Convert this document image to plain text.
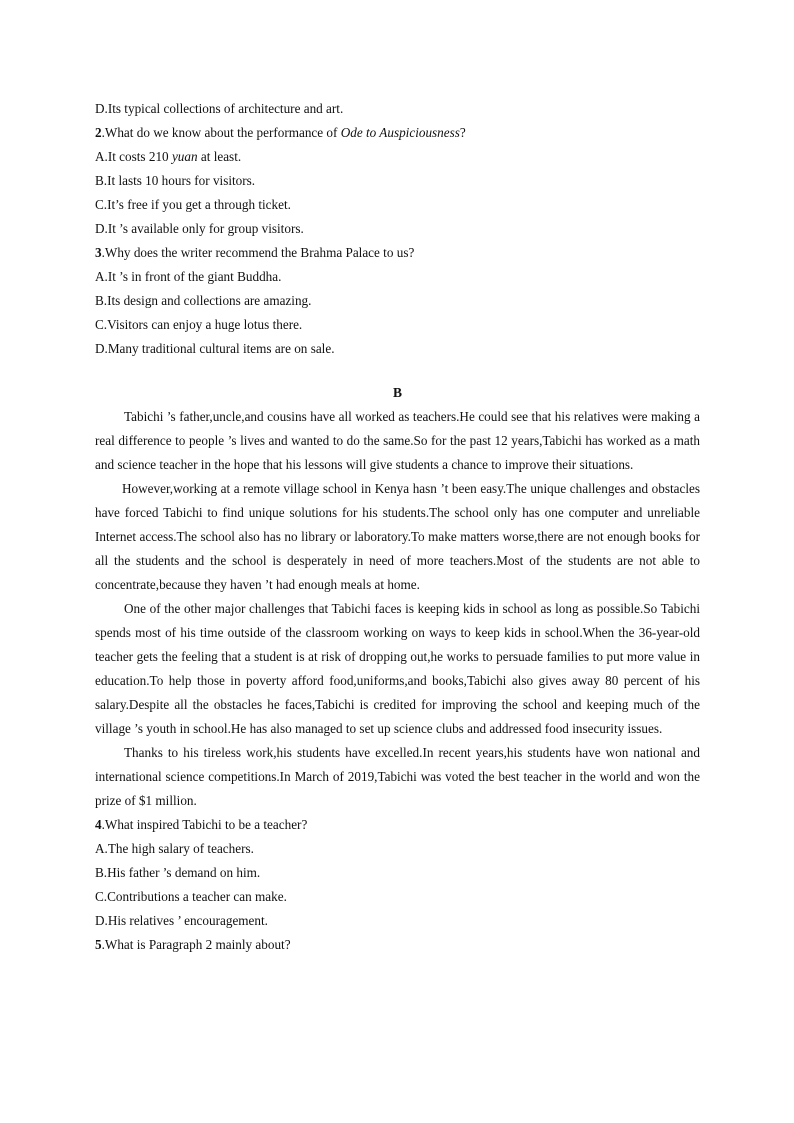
D.Its typical collections of architecture and art.
2.What do we know about the performance of Ode to Auspiciousness?
A.It costs 210 yuan at least.
B.It lasts 10 hours for visitors.
C.It’s free if you get a through ticket.
D.It ’s available only for group visitors.
3.Why does the writer recommend the Brahma Palace to us?
A.It ’s in front of the giant Buddha.
B.Its design and collections are amazing.
C.Visitors can enjoy a huge lotus there.
D.Many traditional cultural items are on sale.
B

Tabichi ’s father,uncle,and cousins have all worked as teachers.He could see that his relatives were making a real difference to people ’s lives and wanted to do the same.So for the past 12 years,Tabichi has worked as a math and science teacher in the hope that his lessons will give students a chance to improve their situations.

However,working at a remote village school in Kenya hasn ’t been easy.The unique challenges and obstacles have forced Tabichi to find unique solutions for his students.The school only has one computer and unreliable Internet access.The school also has no library or laboratory.To make matters worse,there are not enough books for all the students and the school is desperately in need of more teachers.Most of the students are not able to concentrate,because they haven ’t had enough meals at home.

One of the other major challenges that Tabichi faces is keeping kids in school as long as possible.So Tabichi spends most of his time outside of the classroom working on ways to keep kids in school.When the 36-year-old teacher gets the feeling that a student is at risk of dropping out,he works to persuade families to put more value in education.To help those in poverty afford food,uniforms,and books,Tabichi also gives away 80 percent of his salary.Despite all the obstacles he faces,Tabichi is credited for improving the school and keeping much of the village ’s youth in school.He has also managed to set up science clubs and addressed food insecurity issues.

Thanks to his tireless work,his students have excelled.In recent years,his students have won national and international science competitions.In March of 2019,Tabichi was voted the best teacher in the world and won the prize of $1 million.

4.What inspired Tabichi to be a teacher?
A.The high salary of teachers.
B.His father ’s demand on him.
C.Contributions a teacher can make.
D.His relatives ’ encouragement.
5.What is Paragraph 2 mainly about?
